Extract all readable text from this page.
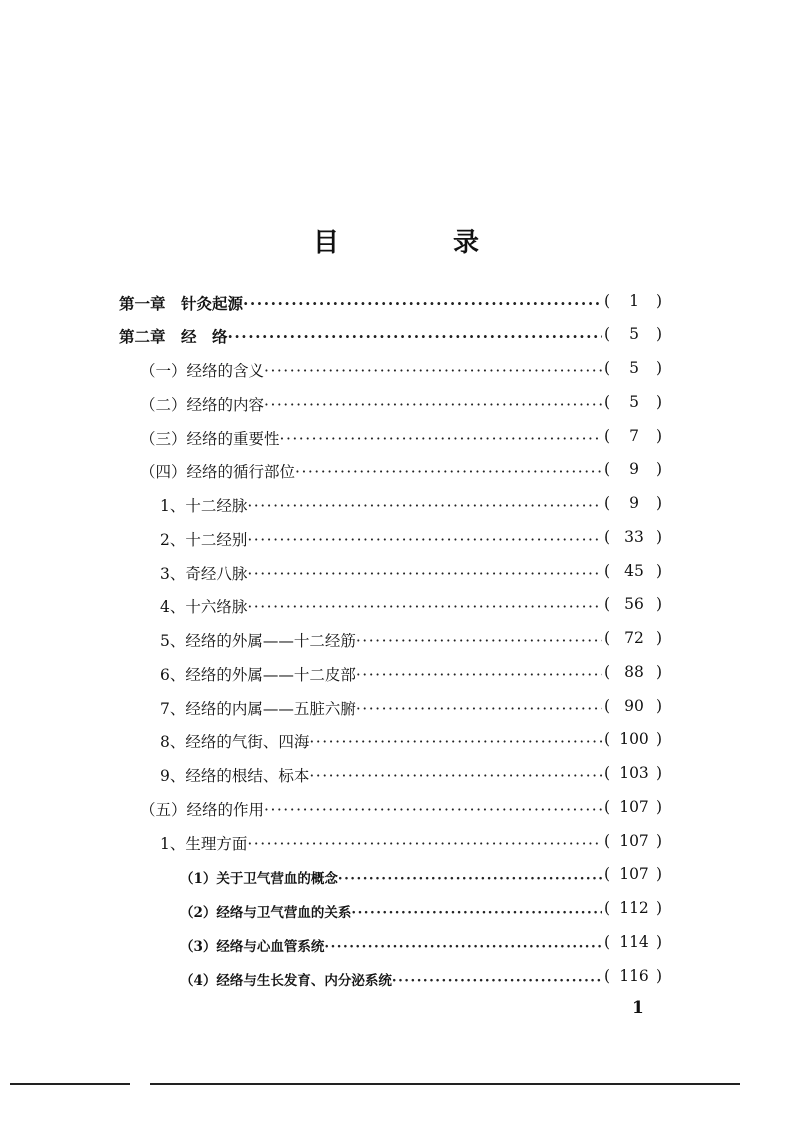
目　录
第一章　针灸起源 ·····	(	1	)
第二章　经　络 ·····	(	5	)
（一）经络的含义 ·····	(	5	)
（二）经络的内容 ·····	(	5	)
（三）经络的重要性 ·····	(	7	)
（四）经络的循行部位 ·····	(	9	)
1、十二经脉 ·····	(	9	)
2、十二经别 ·····	( 33 )
3、奇经八脉 ·····	( 45 )
4、十六络脉 ·····	( 56 )
5、经络的外属——十二经筋 ·····	( 72 )
6、经络的外属——十二皮部 ·····	( 88 )
7、经络的内属——五脏六腑 ·····	( 90 )
8、经络的气街、四海 ·····	( 100 )
9、经络的根结、标本 ·····	( 103 )
（五）经络的作用 ·····	( 107 )
1、生理方面 ·····	( 107 )
（1）关于卫气营血的概念 ·····	( 107 )
（2）经络与卫气营血的关系 ·····	( 112 )
（3）经络与心血管系统 ·····	( 114 )
（4）经络与生长发育、内分泌系统 ·····	( 116 )
1
